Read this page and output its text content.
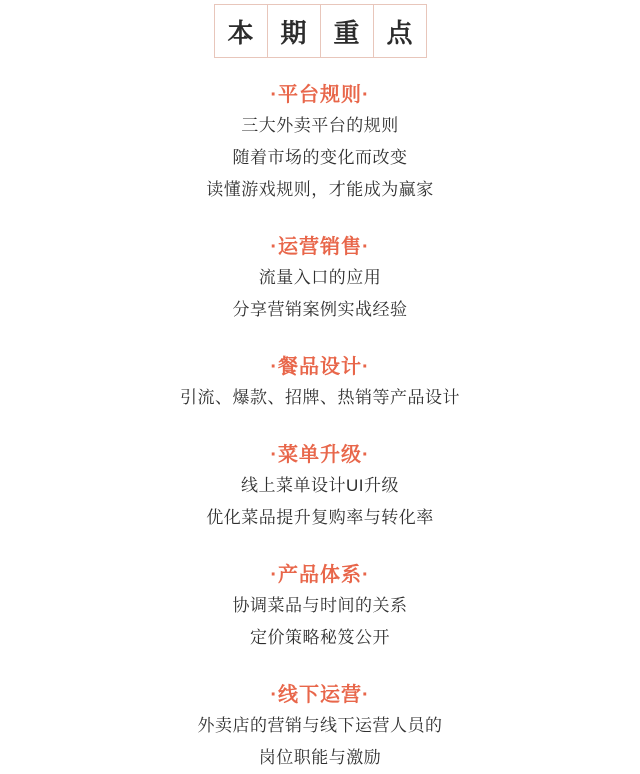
本	期	重	点
·平台规则·
三大外卖平台的规则
随着市场的变化而改变
读懂游戏规则，才能成为赢家
·运营销售·
流量入口的应用
分享营销案例实战经验
·餐品设计·
引流、爆款、招牌、热销等产品设计
·菜单升级·
线上菜单设计UI升级
优化菜品提升复购率与转化率
·产品体系·
协调菜品与时间的关系
定价策略秘笈公开
·线下运营·
外卖店的营销与线下运营人员的
岗位职能与激励
